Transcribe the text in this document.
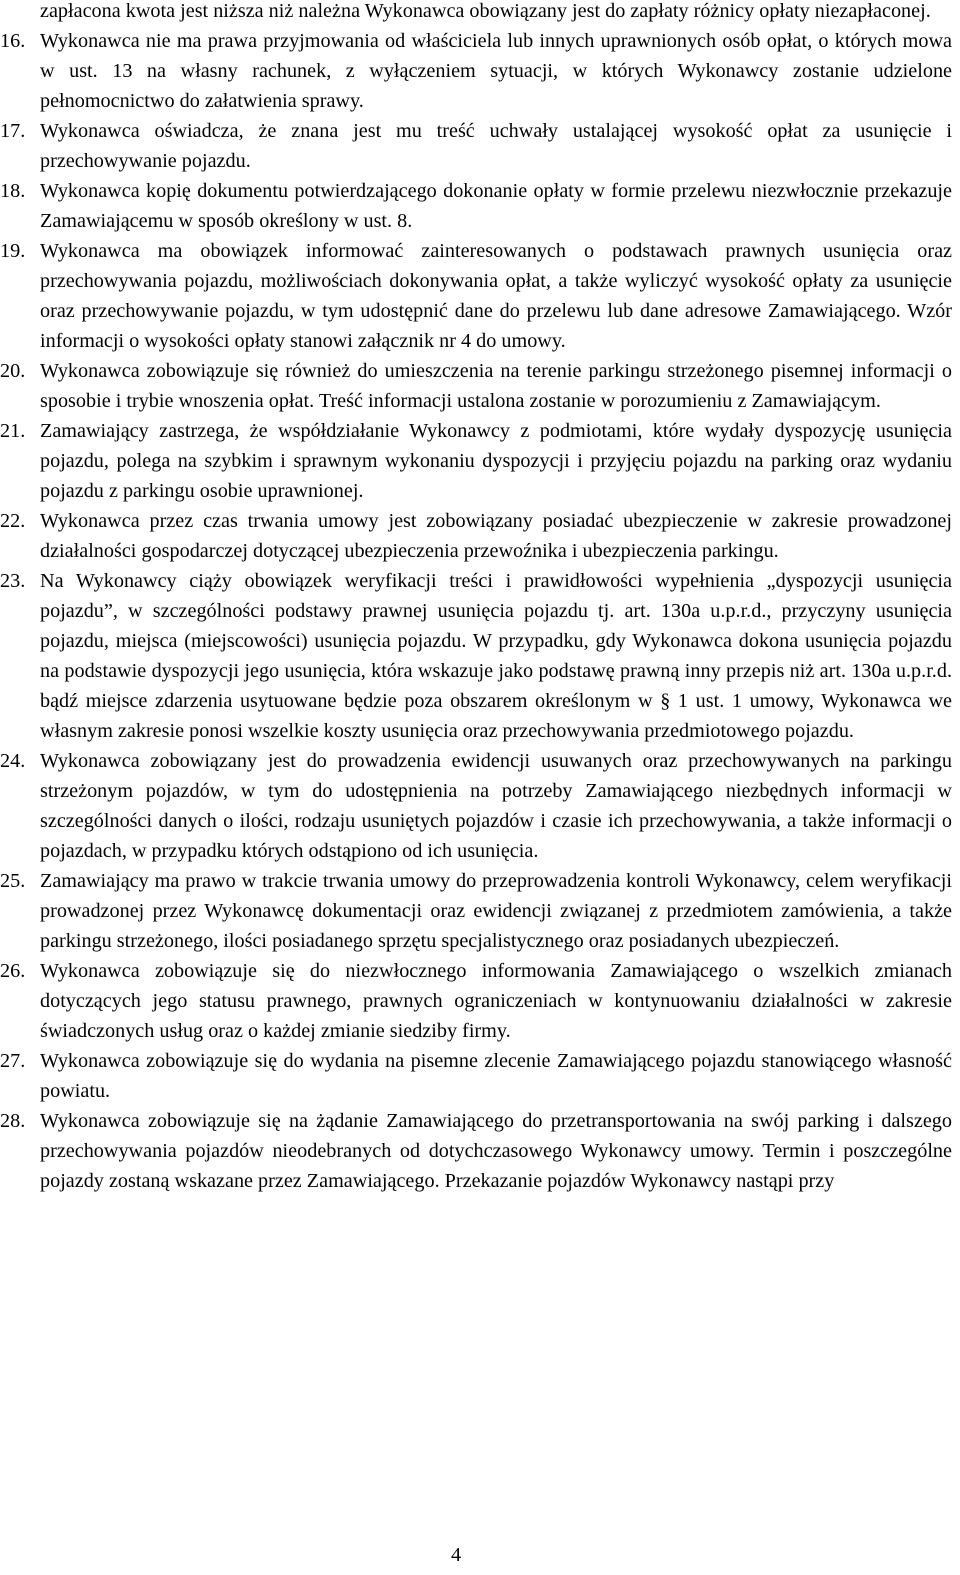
zapłacona kwota jest niższa niż należna Wykonawca obowiązany jest do zapłaty różnicy opłaty niezapłaconej.
16. Wykonawca nie ma prawa przyjmowania od właściciela lub innych uprawnionych osób opłat, o których mowa w ust. 13 na własny rachunek, z wyłączeniem sytuacji, w których Wykonawcy zostanie udzielone pełnomocnictwo do załatwienia sprawy.
17. Wykonawca oświadcza, że znana jest mu treść uchwały ustalającej wysokość opłat za usunięcie i przechowywanie pojazdu.
18. Wykonawca kopię dokumentu potwierdzającego dokonanie opłaty w formie przelewu niezwłocznie przekazuje Zamawiającemu w sposób określony w ust. 8.
19. Wykonawca ma obowiązek informować zainteresowanych o podstawach prawnych usunięcia oraz przechowywania pojazdu, możliwościach dokonywania opłat, a także wyliczyć wysokość opłaty za usunięcie oraz przechowywanie pojazdu, w tym udostępnić dane do przelewu lub dane adresowe Zamawiającego. Wzór informacji o wysokości opłaty stanowi załącznik nr 4 do umowy.
20. Wykonawca zobowiązuje się również do umieszczenia na terenie parkingu strzeżonego pisemnej informacji o sposobie i trybie wnoszenia opłat. Treść informacji ustalona zostanie w porozumieniu z Zamawiającym.
21. Zamawiający zastrzega, że współdziałanie Wykonawcy z podmiotami, które wydały dyspozycję usunięcia pojazdu, polega na szybkim i sprawnym wykonaniu dyspozycji i przyjęciu pojazdu na parking oraz wydaniu pojazdu z parkingu osobie uprawnionej.
22. Wykonawca przez czas trwania umowy jest zobowiązany posiadać ubezpieczenie w zakresie prowadzonej działalności gospodarczej dotyczącej ubezpieczenia przewoźnika i ubezpieczenia parkingu.
23. Na Wykonawcy ciąży obowiązek weryfikacji treści i prawidłowości wypełnienia „dyspozycji usunięcia pojazdu”, w szczególności podstawy prawnej usunięcia pojazdu tj. art. 130a u.p.r.d., przyczyny usunięcia pojazdu, miejsca (miejscowości) usunięcia pojazdu. W przypadku, gdy Wykonawca dokona usunięcia pojazdu na podstawie dyspozycji jego usunięcia, która wskazuje jako podstawę prawną inny przepis niż art. 130a u.p.r.d. bądź miejsce zdarzenia usytuowane będzie poza obszarem określonym w § 1 ust. 1 umowy, Wykonawca we własnym zakresie ponosi wszelkie koszty usunięcia oraz przechowywania przedmiotowego pojazdu.
24. Wykonawca zobowiązany jest do prowadzenia ewidencji usuwanych oraz przechowywanych na parkingu strzeżonym pojazdów, w tym do udostępnienia na potrzeby Zamawiającego niezbędnych informacji w szczególności danych o ilości, rodzaju usuniętych pojazdów i czasie ich przechowywania, a także informacji o pojazdach, w przypadku których odstąpiono od ich usunięcia.
25. Zamawiający ma prawo w trakcie trwania umowy do przeprowadzenia kontroli Wykonawcy, celem weryfikacji prowadzonej przez Wykonawcę dokumentacji oraz ewidencji związanej z przedmiotem zamówienia, a także parkingu strzeżonego, ilości posiadanego sprzętu specjalistycznego oraz posiadanych ubezpieczeń.
26. Wykonawca zobowiązuje się do niezwłocznego informowania Zamawiającego o wszelkich zmianach dotyczących jego statusu prawnego, prawnych ograniczeniach w kontynuowaniu działalności w zakresie świadczonych usług oraz o każdej zmianie siedziby firmy.
27. Wykonawca zobowiązuje się do wydania na pisemne zlecenie Zamawiającego pojazdu stanowiącego własność powiatu.
28. Wykonawca zobowiązuje się na żądanie Zamawiającego do przetransportowania na swój parking i dalszego przechowywania pojazdów nieodebranych od dotychczasowego Wykonawcy umowy. Termin i poszczególne pojazdy zostaną wskazane przez Zamawiającego. Przekazanie pojazdów Wykonawcy nastąpi przy
4
